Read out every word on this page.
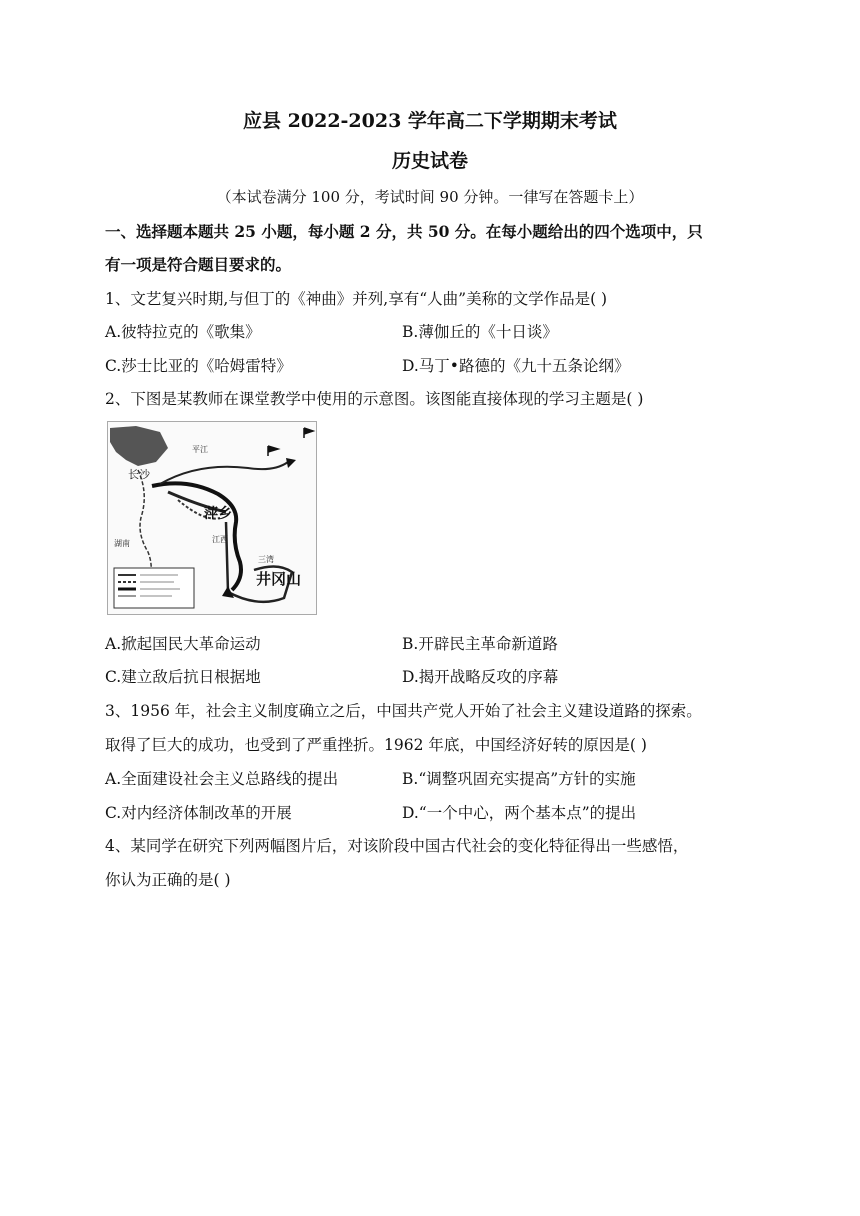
应县 2022-2023 学年高二下学期期末考试
历史试卷
（本试卷满分 100 分，考试时间 90 分钟。一律写在答题卡上）
一、选择题本题共 25 小题，每小题 2 分，共 50 分。在每小题给出的四个选项中，只
有一项是符合题目要求的。
1、文艺复兴时期,与但丁的《神曲》并列,享有“人曲”美称的文学作品是( )
A.彼特拉克的《歌集》	B.薄伽丘的《十日谈》
C.莎士比亚的《哈姆雷特》	D.马丁•路德的《九十五条论纲》
2、下图是某教师在课堂教学中使用的示意图。该图能直接体现的学习主题是( )
长沙
平江
萍乡
三湾
井冈山
江西
湖南
A.掀起国民大革命运动	B.开辟民主革命新道路
C.建立敌后抗日根据地	D.揭开战略反攻的序幕
3、1956 年，社会主义制度确立之后，中国共产党人开始了社会主义建设道路的探索。
取得了巨大的成功，也受到了严重挫折。1962 年底，中国经济好转的原因是( )
A.全面建设社会主义总路线的提出	B.“调整巩固充实提高”方针的实施
C.对内经济体制改革的开展	D.“一个中心，两个基本点”的提出
4、某同学在研究下列两幅图片后，对该阶段中国古代社会的变化特征得出一些感悟，
你认为正确的是( )
